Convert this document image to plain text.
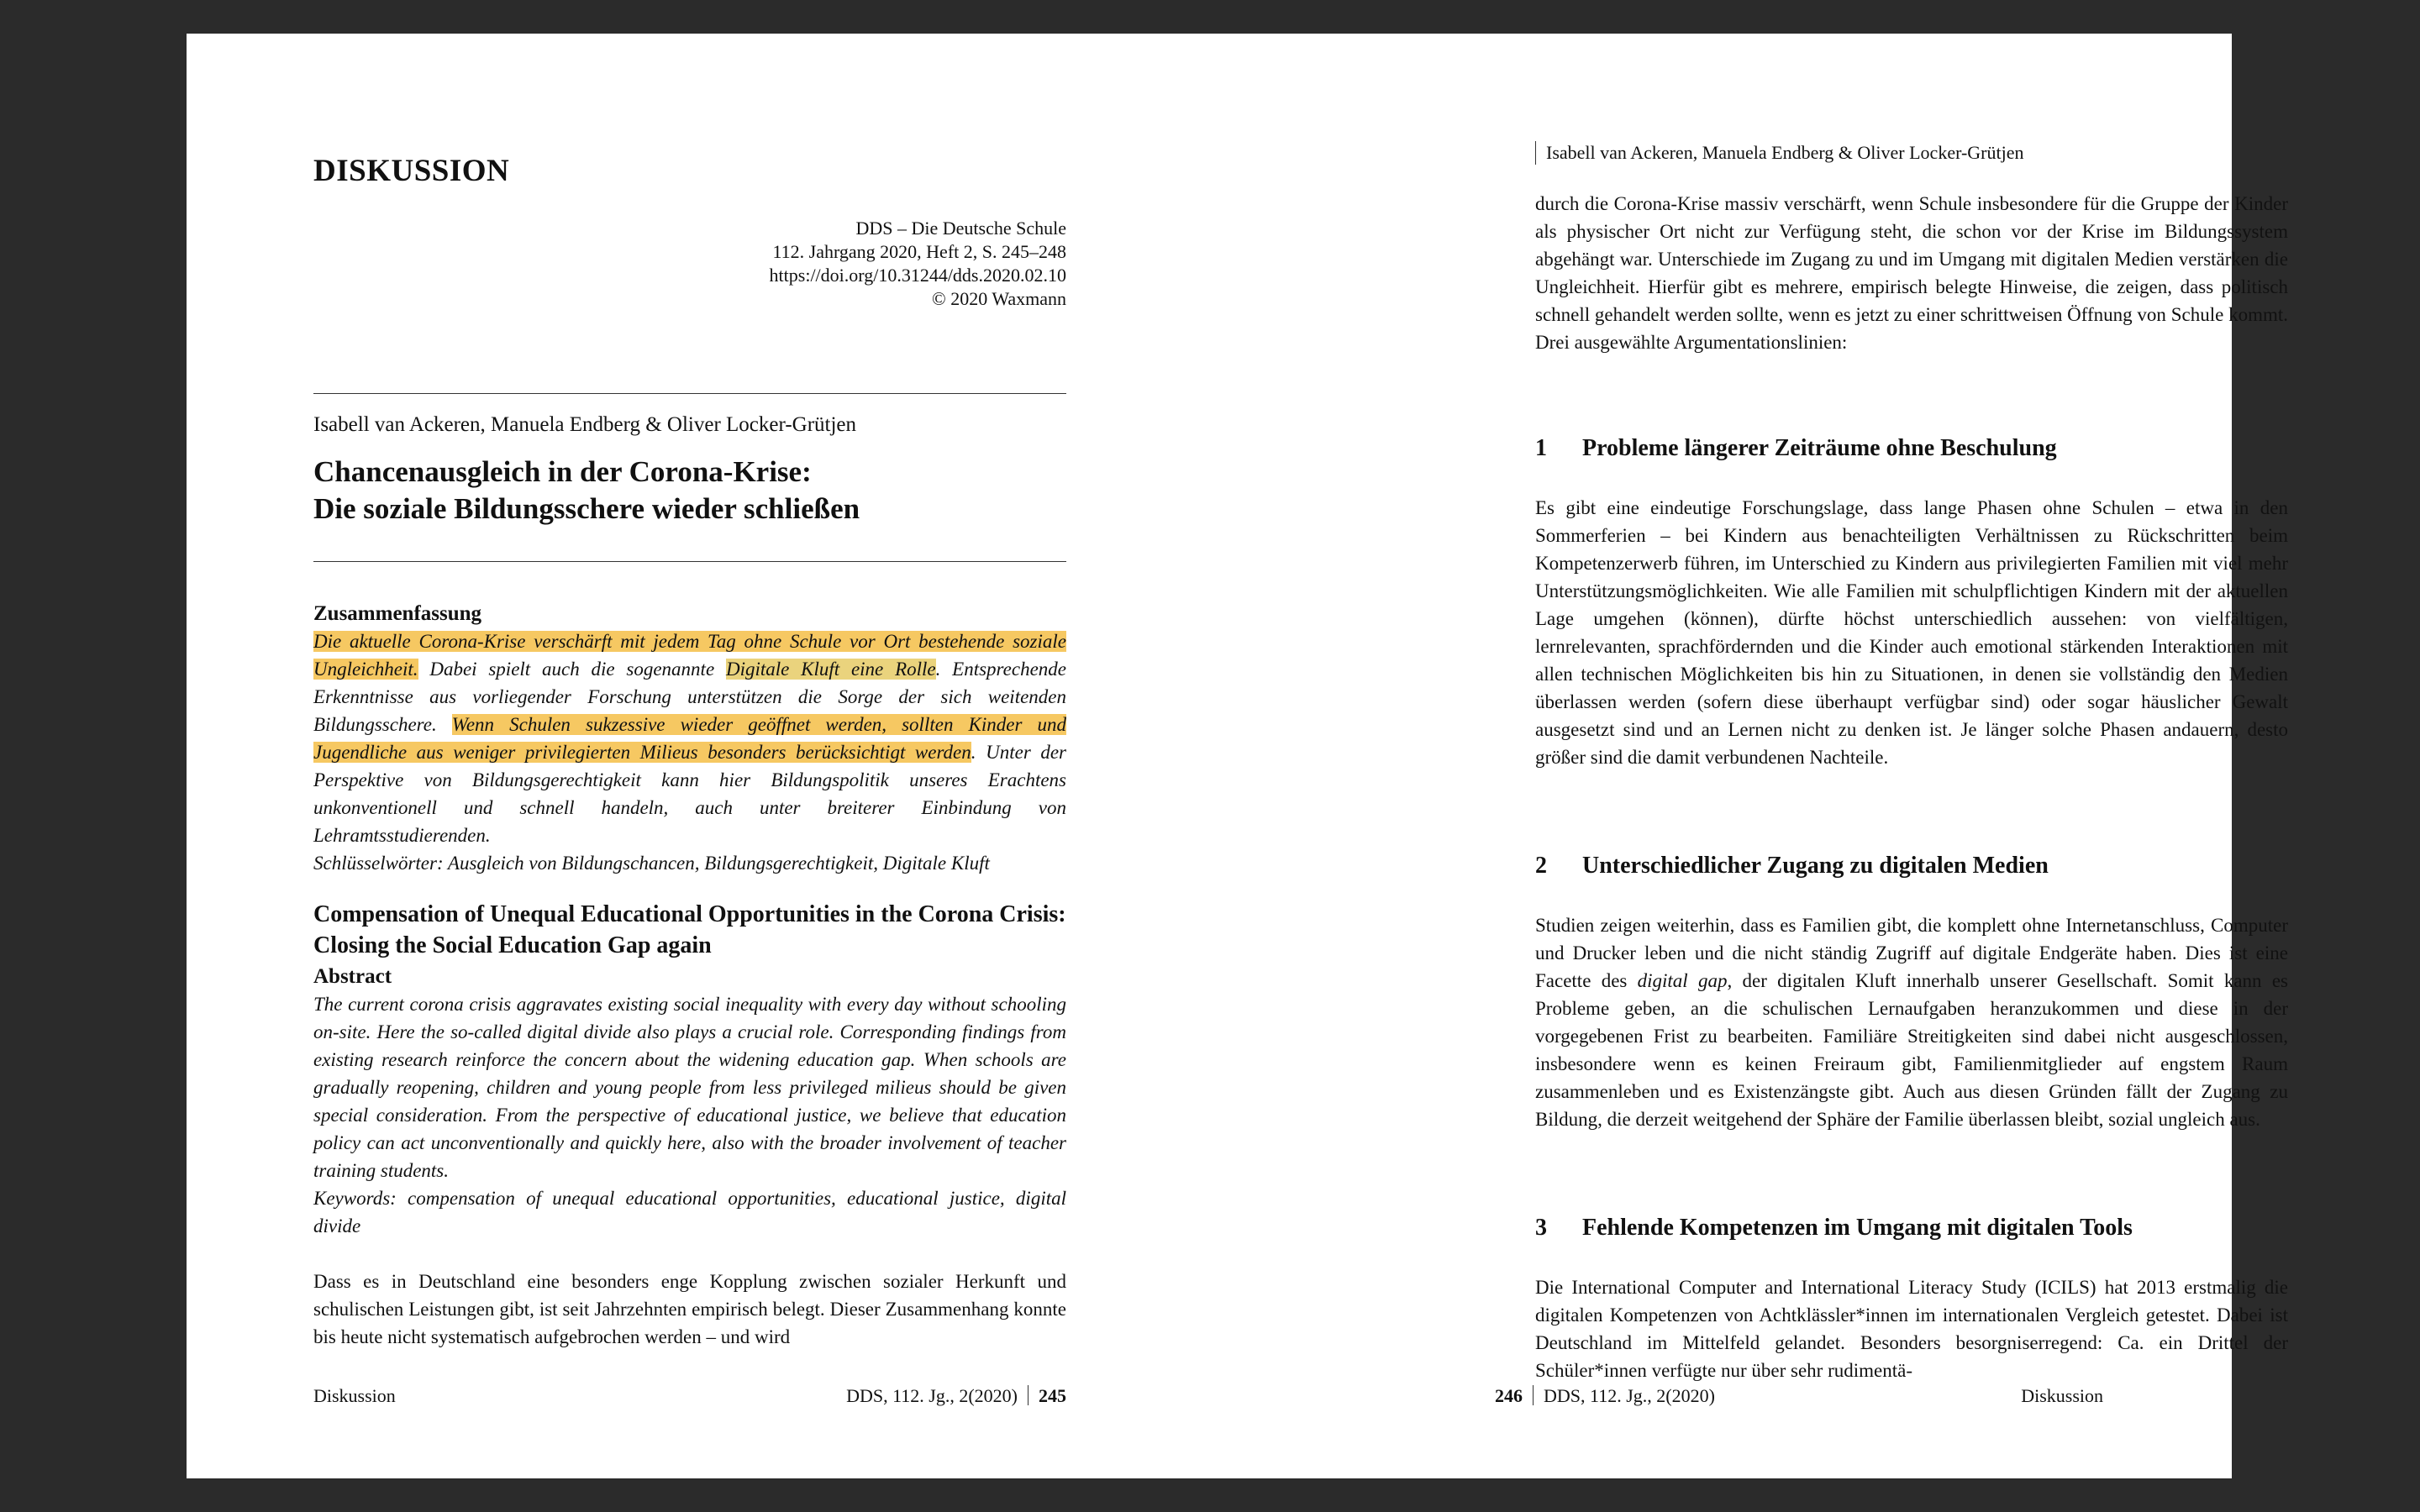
DISKUSSION
DDS – Die Deutsche Schule
112. Jahrgang 2020, Heft 2, S. 245–248
https://doi.org/10.31244/dds.2020.02.10
© 2020 Waxmann
Isabell van Ackeren, Manuela Endberg & Oliver Locker-Grütjen
Chancenausgleich in der Corona-Krise:
Die soziale Bildungsschere wieder schließen
Zusammenfassung
Die aktuelle Corona-Krise verschärft mit jedem Tag ohne Schule vor Ort bestehende soziale Ungleichheit. Dabei spielt auch die sogenannte Digitale Kluft eine Rolle. Entsprechende Erkenntnisse aus vorliegender Forschung unterstützen die Sorge der sich weitenden Bildungsschere. Wenn Schulen sukzessive wieder geöffnet werden, sollten Kinder und Jugendliche aus weniger privilegierten Milieus besonders berücksichtigt werden. Unter der Perspektive von Bildungsgerechtigkeit kann hier Bildungspolitik unseres Erachtens unkonventionell und schnell handeln, auch unter breiterer Einbindung von Lehramtsstudierenden.
Schlüsselwörter: Ausgleich von Bildungschancen, Bildungsgerechtigkeit, Digitale Kluft
Compensation of Unequal Educational Opportunities in the Corona Crisis: Closing the Social Education Gap again
Abstract
The current corona crisis aggravates existing social inequality with every day without schooling on-site. Here the so-called digital divide also plays a crucial role. Corresponding findings from existing research reinforce the concern about the widening education gap. When schools are gradually reopening, children and young people from less privileged milieus should be given special consideration. From the perspective of educational justice, we believe that education policy can act unconventionally and quickly here, also with the broader involvement of teacher training students.
Keywords: compensation of unequal educational opportunities, educational justice, digital divide
Dass es in Deutschland eine besonders enge Kopplung zwischen sozialer Herkunft und schulischen Leistungen gibt, ist seit Jahrzehnten empirisch belegt. Dieser Zusammenhang konnte bis heute nicht systematisch aufgebrochen werden – und wird
Diskussion	DDS, 112. Jg., 2(2020) 245
Isabell van Ackeren, Manuela Endberg & Oliver Locker-Grütjen
durch die Corona-Krise massiv verschärft, wenn Schule insbesondere für die Gruppe der Kinder als physischer Ort nicht zur Verfügung steht, die schon vor der Krise im Bildungssystem abgehängt war. Unterschiede im Zugang zu und im Umgang mit digitalen Medien verstärken die Ungleichheit. Hierfür gibt es mehrere, empirisch belegte Hinweise, die zeigen, dass politisch schnell gehandelt werden sollte, wenn es jetzt zu einer schrittweisen Öffnung von Schule kommt. Drei ausgewählte Argumentationslinien:
1 Probleme längerer Zeiträume ohne Beschulung
Es gibt eine eindeutige Forschungslage, dass lange Phasen ohne Schulen – etwa in den Sommerferien – bei Kindern aus benachteiligten Verhältnissen zu Rückschritten beim Kompetenzerwerb führen, im Unterschied zu Kindern aus privilegierten Familien mit viel mehr Unterstützungsmöglichkeiten. Wie alle Familien mit schulpflichtigen Kindern mit der aktuellen Lage umgehen (können), dürfte höchst unterschiedlich aussehen: von vielfältigen, lernrelevanten, sprachfördernden und die Kinder auch emotional stärkenden Interaktionen mit allen technischen Möglichkeiten bis hin zu Situationen, in denen sie vollständig den Medien überlassen werden (sofern diese überhaupt verfügbar sind) oder sogar häuslicher Gewalt ausgesetzt sind und an Lernen nicht zu denken ist. Je länger solche Phasen andauern, desto größer sind die damit verbundenen Nachteile.
2 Unterschiedlicher Zugang zu digitalen Medien
Studien zeigen weiterhin, dass es Familien gibt, die komplett ohne Internetanschluss, Computer und Drucker leben und die nicht ständig Zugriff auf digitale Endgeräte haben. Dies ist eine Facette des digital gap, der digitalen Kluft innerhalb unserer Gesellschaft. Somit kann es Probleme geben, an die schulischen Lernaufgaben heranzukommen und diese in der vorgegebenen Frist zu bearbeiten. Familiäre Streitigkeiten sind dabei nicht ausgeschlossen, insbesondere wenn es keinen Freiraum gibt, Familienmitglieder auf engstem Raum zusammenleben und es Existenzängste gibt. Auch aus diesen Gründen fällt der Zugang zu Bildung, die derzeit weitgehend der Sphäre der Familie überlassen bleibt, sozial ungleich aus.
3 Fehlende Kompetenzen im Umgang mit digitalen Tools
Die International Computer and International Literacy Study (ICILS) hat 2013 erstmalig die digitalen Kompetenzen von Achtklässler*innen im internationalen Vergleich getestet. Dabei ist Deutschland im Mittelfeld gelandet. Besonders besorgniserregend: Ca. ein Drittel der Schüler*innen verfügte nur über sehr rudimentä-
246 DDS, 112. Jg., 2(2020)	Diskussion
